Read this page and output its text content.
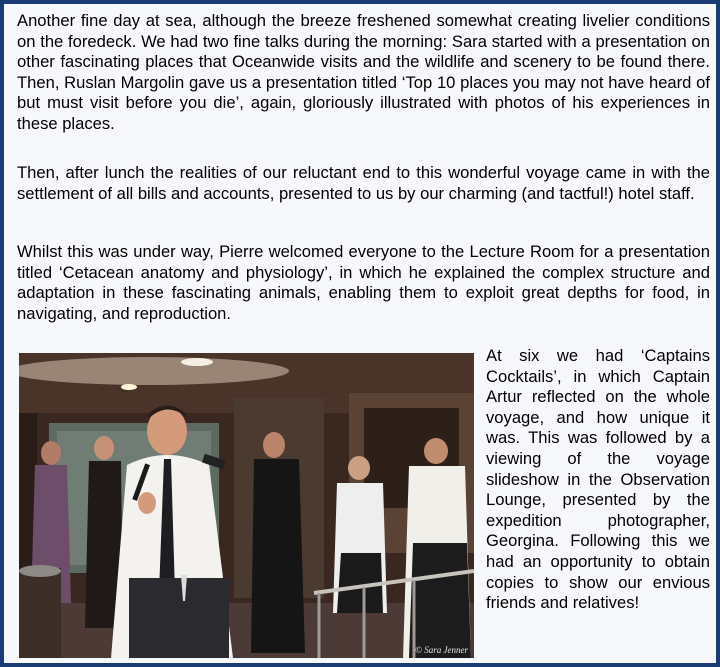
Another fine day at sea, although the breeze freshened somewhat creating livelier conditions on the foredeck. We had two fine talks during the morning: Sara started with a presentation on other fascinating places that Oceanwide visits and the wildlife and scenery to be found there. Then, Ruslan Margolin gave us a presentation titled ‘Top 10 places you may not have heard of but must visit before you die’, again, gloriously illustrated with photos of his experiences in these places.

Then, after lunch the realities of our reluctant end to this wonderful voyage came in with the settlement of all bills and accounts, presented to us by our charming (and tactful!) hotel staff.

Whilst this was under way, Pierre welcomed everyone to the Lecture Room for a presentation titled ‘Cetacean anatomy and physiology’, in which he explained the complex structure and adaptation in these fascinating animals, enabling them to exploit great depths for food, in navigating, and reproduction.

© Sara Jenner

At six we had ‘Captains Cocktails’, in which Captain Artur reflected on the whole voyage, and how unique it was. This was followed by a viewing of the voyage slideshow in the Observation Lounge, presented by the expedition photographer, Georgina. Following this we had an opportunity to obtain copies to show our envious friends and relatives!
